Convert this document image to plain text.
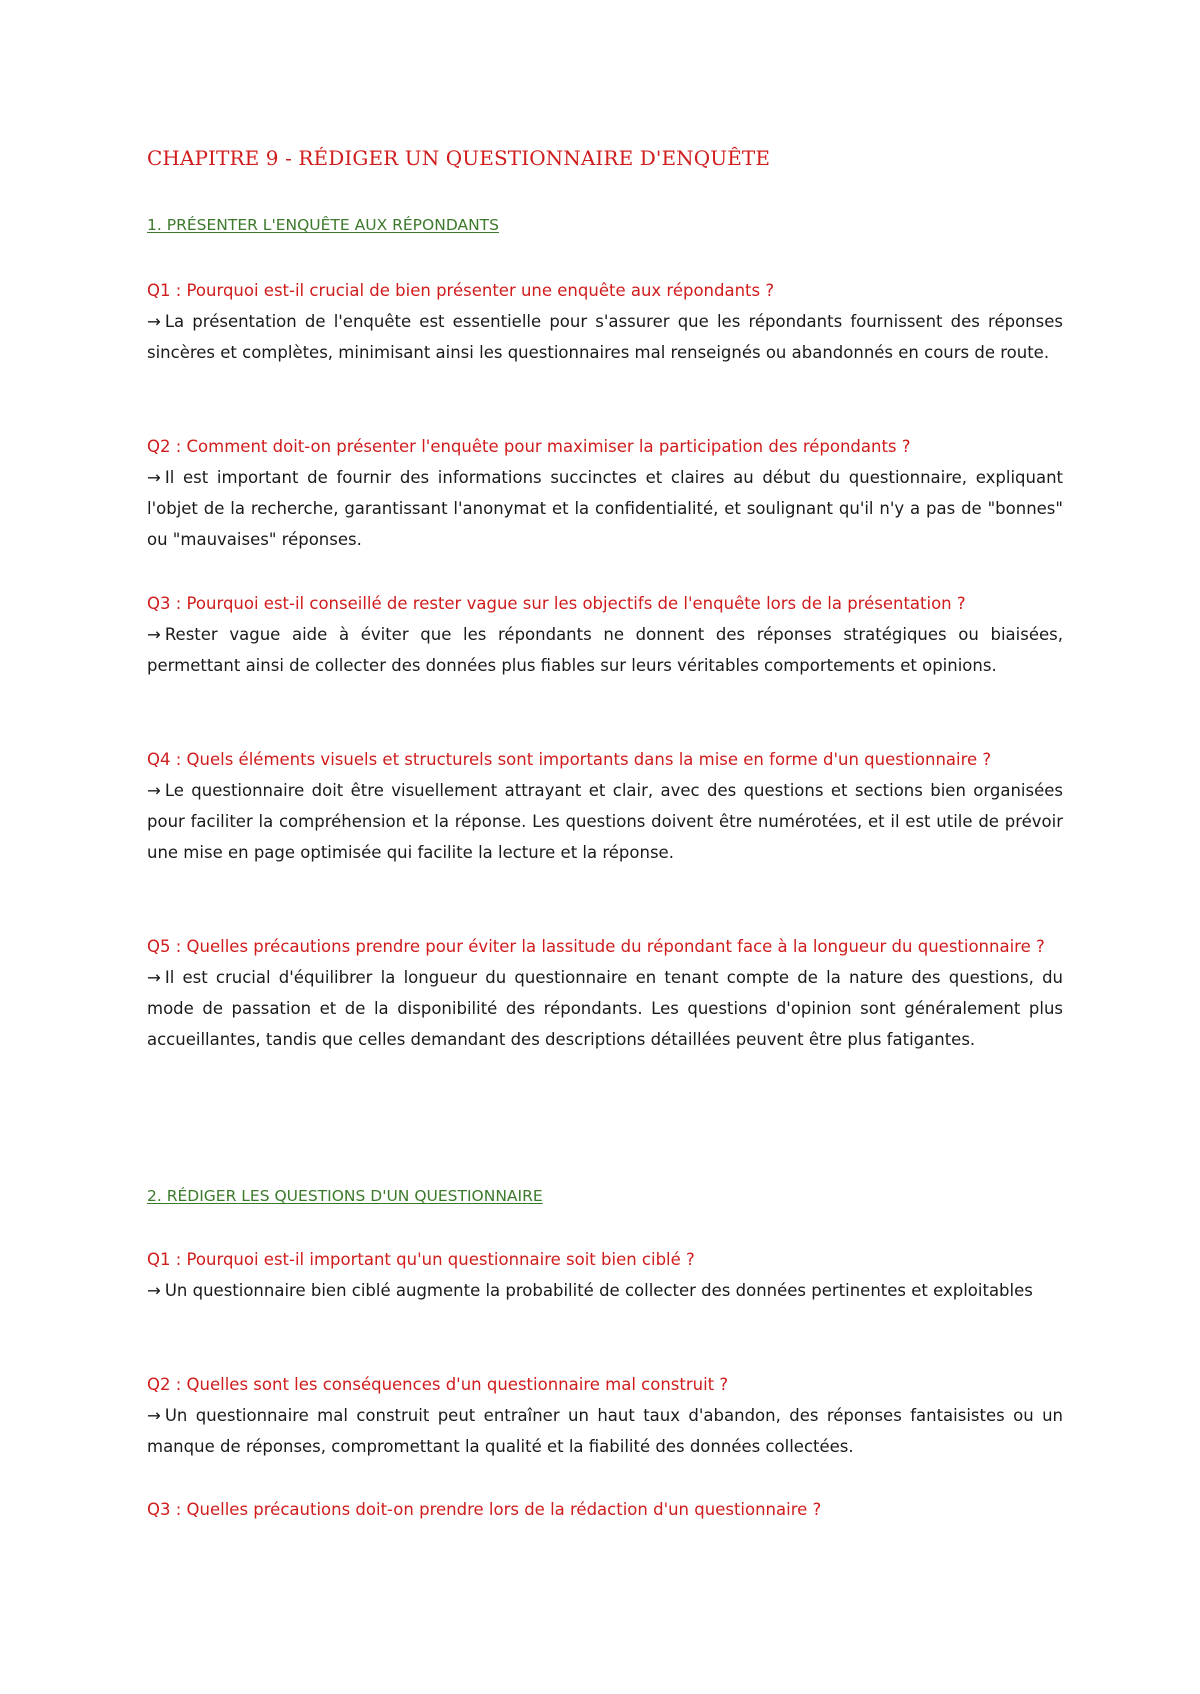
CHAPITRE 9 - RÉDIGER UN QUESTIONNAIRE D'ENQUÊTE
1. PRÉSENTER L'ENQUÊTE AUX RÉPONDANTS
Q1 : Pourquoi est-il crucial de bien présenter une enquête aux répondants ?
→ La présentation de l'enquête est essentielle pour s'assurer que les répondants fournissent des réponses sincères et complètes, minimisant ainsi les questionnaires mal renseignés ou abandonnés en cours de route.
Q2 : Comment doit-on présenter l'enquête pour maximiser la participation des répondants ?
→ Il est important de fournir des informations succinctes et claires au début du questionnaire, expliquant l'objet de la recherche, garantissant l'anonymat et la confidentialité, et soulignant qu'il n'y a pas de "bonnes" ou "mauvaises" réponses.
Q3 : Pourquoi est-il conseillé de rester vague sur les objectifs de l'enquête lors de la présentation ?
→ Rester vague aide à éviter que les répondants ne donnent des réponses stratégiques ou biaisées, permettant ainsi de collecter des données plus fiables sur leurs véritables comportements et opinions.
Q4 : Quels éléments visuels et structurels sont importants dans la mise en forme d'un questionnaire ?
→ Le questionnaire doit être visuellement attrayant et clair, avec des questions et sections bien organisées pour faciliter la compréhension et la réponse. Les questions doivent être numérotées, et il est utile de prévoir une mise en page optimisée qui facilite la lecture et la réponse.
Q5 : Quelles précautions prendre pour éviter la lassitude du répondant face à la longueur du questionnaire ?
→ Il est crucial d'équilibrer la longueur du questionnaire en tenant compte de la nature des questions, du mode de passation et de la disponibilité des répondants. Les questions d'opinion sont généralement plus accueillantes, tandis que celles demandant des descriptions détaillées peuvent être plus fatigantes.
2. RÉDIGER LES QUESTIONS D'UN QUESTIONNAIRE
Q1 : Pourquoi est-il important qu'un questionnaire soit bien ciblé ?
→ Un questionnaire bien ciblé augmente la probabilité de collecter des données pertinentes et exploitables
Q2 : Quelles sont les conséquences d'un questionnaire mal construit ?
→ Un questionnaire mal construit peut entraîner un haut taux d'abandon, des réponses fantaisistes ou un manque de réponses, compromettant la qualité et la fiabilité des données collectées.
Q3 : Quelles précautions doit-on prendre lors de la rédaction d'un questionnaire ?
